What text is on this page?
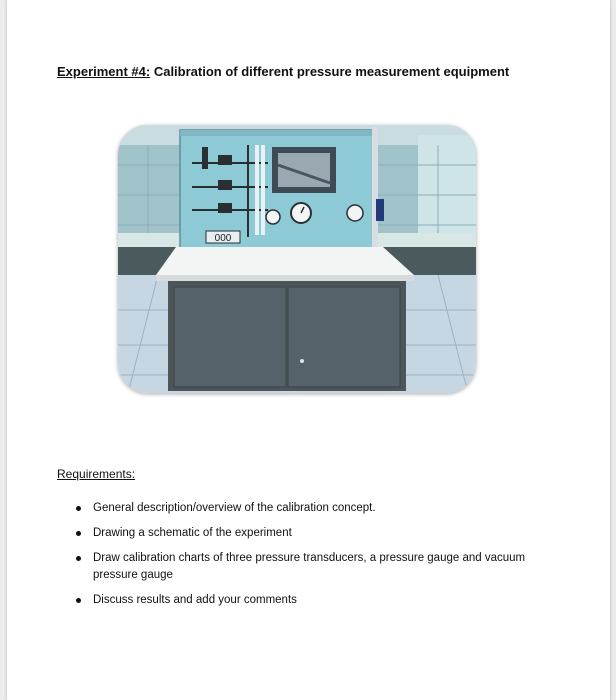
Experiment #4: Calibration of different pressure measurement equipment
000
Requirements:
General description/overview of the calibration concept.
Drawing a schematic of the experiment
Draw calibration charts of three pressure transducers, a pressure gauge and vacuum pressure gauge
Discuss results and add your comments
